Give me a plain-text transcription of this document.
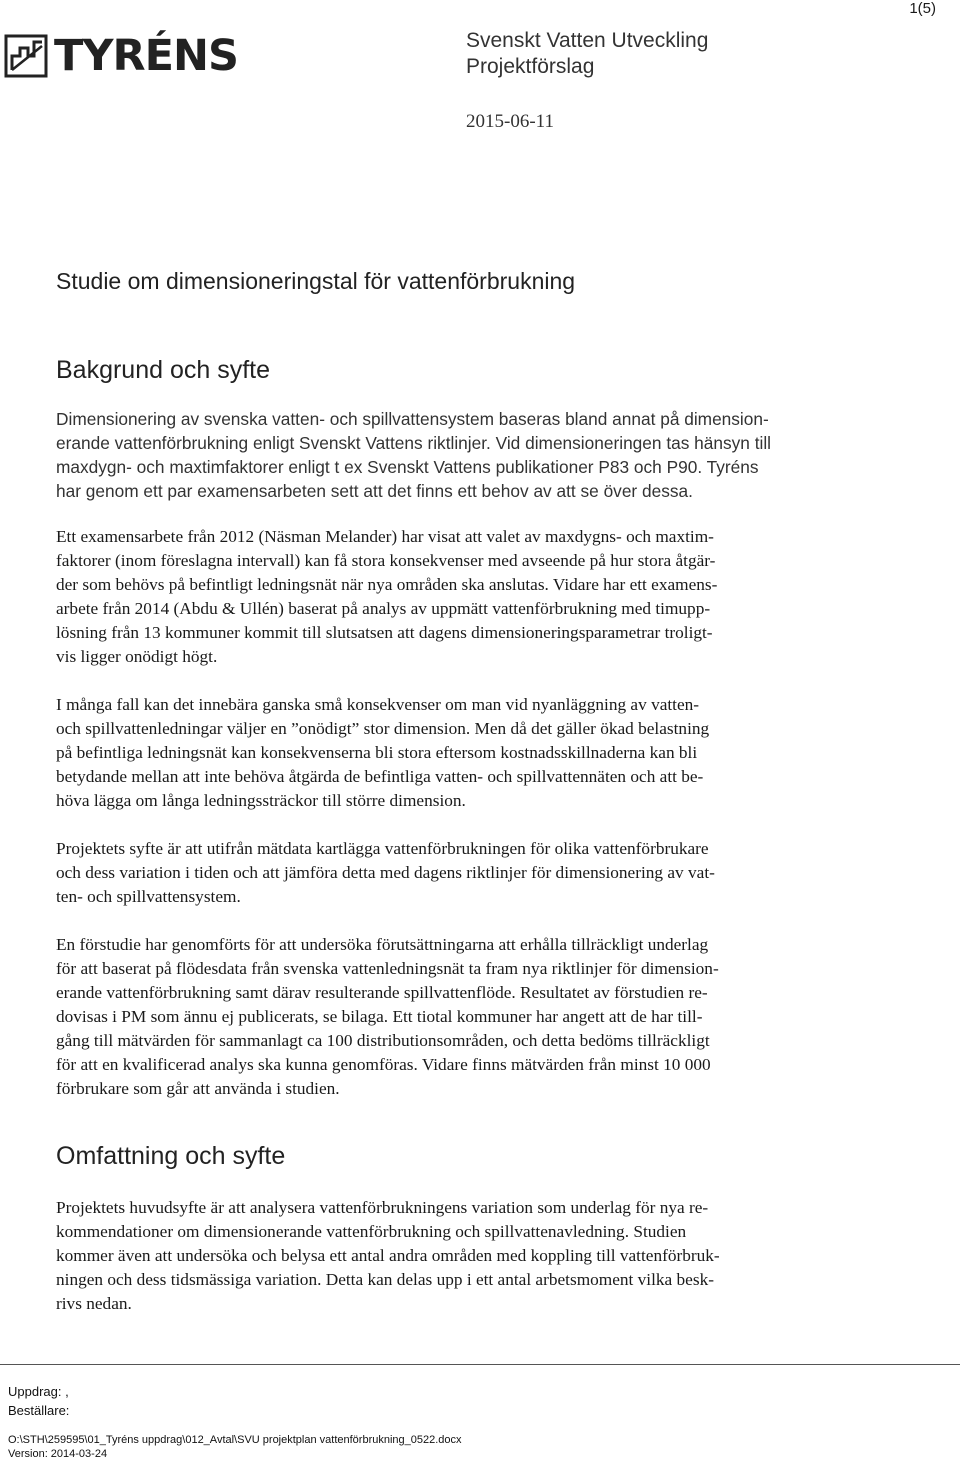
1(5)
TYRÉNS	Svenskt Vatten Utveckling
Projektförslag
2015-06-11
Studie om dimensioneringstal för vattenförbrukning
Bakgrund och syfte

Dimensionering av svenska vatten- och spillvattensystem baseras bland annat på dimension-
erande vattenförbrukning enligt Svenskt Vattens riktlinjer. Vid dimensioneringen tas hänsyn till
maxdygn- och maxtimfaktorer enligt t ex Svenskt Vattens publikationer P83 och P90. Tyréns
har genom ett par examensarbeten sett att det finns ett behov av att se över dessa.

Ett examensarbete från 2012 (Näsman Melander) har visat att valet av maxdygns- och maxtim-
faktorer (inom föreslagna intervall) kan få stora konsekvenser med avseende på hur stora åtgär-
der som behövs på befintligt ledningsnät när nya områden ska anslutas. Vidare har ett examens-
arbete från 2014 (Abdu & Ullén) baserat på analys av uppmätt vattenförbrukning med timupp-
lösning från 13 kommuner kommit till slutsatsen att dagens dimensioneringsparametrar troligt-
vis ligger onödigt högt.

I många fall kan det innebära ganska små konsekvenser om man vid nyanläggning av vatten-
och spillvattenledningar väljer en ”onödigt” stor dimension. Men då det gäller ökad belastning
på befintliga ledningsnät kan konsekvenserna bli stora eftersom kostnadsskillnaderna kan bli
betydande mellan att inte behöva åtgärda de befintliga vatten- och spillvattennäten och att be-
höva lägga om långa ledningssträckor till större dimension.

Projektets syfte är att utifrån mätdata kartlägga vattenförbrukningen för olika vattenförbrukare
och dess variation i tiden och att jämföra detta med dagens riktlinjer för dimensionering av vat-
ten- och spillvattensystem.

En förstudie har genomförts för att undersöka förutsättningarna att erhålla tillräckligt underlag
för att baserat på flödesdata från svenska vattenledningsnät ta fram nya riktlinjer för dimension-
erande vattenförbrukning samt därav resulterande spillvattenflöde. Resultatet av förstudien re-
dovisas i PM som ännu ej publicerats, se bilaga. Ett tiotal kommuner har angett att de har till-
gång till mätvärden för sammanlagt ca 100 distributionsområden, och detta bedöms tillräckligt
för att en kvalificerad analys ska kunna genomföras. Vidare finns mätvärden från minst 10 000
förbrukare som går att använda i studien.

Omfattning och syfte

Projektets huvudsyfte är att analysera vattenförbrukningens variation som underlag för nya re-
kommendationer om dimensionerande vattenförbrukning och spillvattenavledning. Studien
kommer även att undersöka och belysa ett antal andra områden med koppling till vattenförbruk-
ningen och dess tidsmässiga variation. Detta kan delas upp i ett antal arbetsmoment vilka besk-
rivs nedan.

Uppdrag: ,
Beställare:
O:\STH\259595\01_Tyréns uppdrag\012_Avtal\SVU projektplan vattenförbrukning_0522.docx
Version: 2014-03-24
